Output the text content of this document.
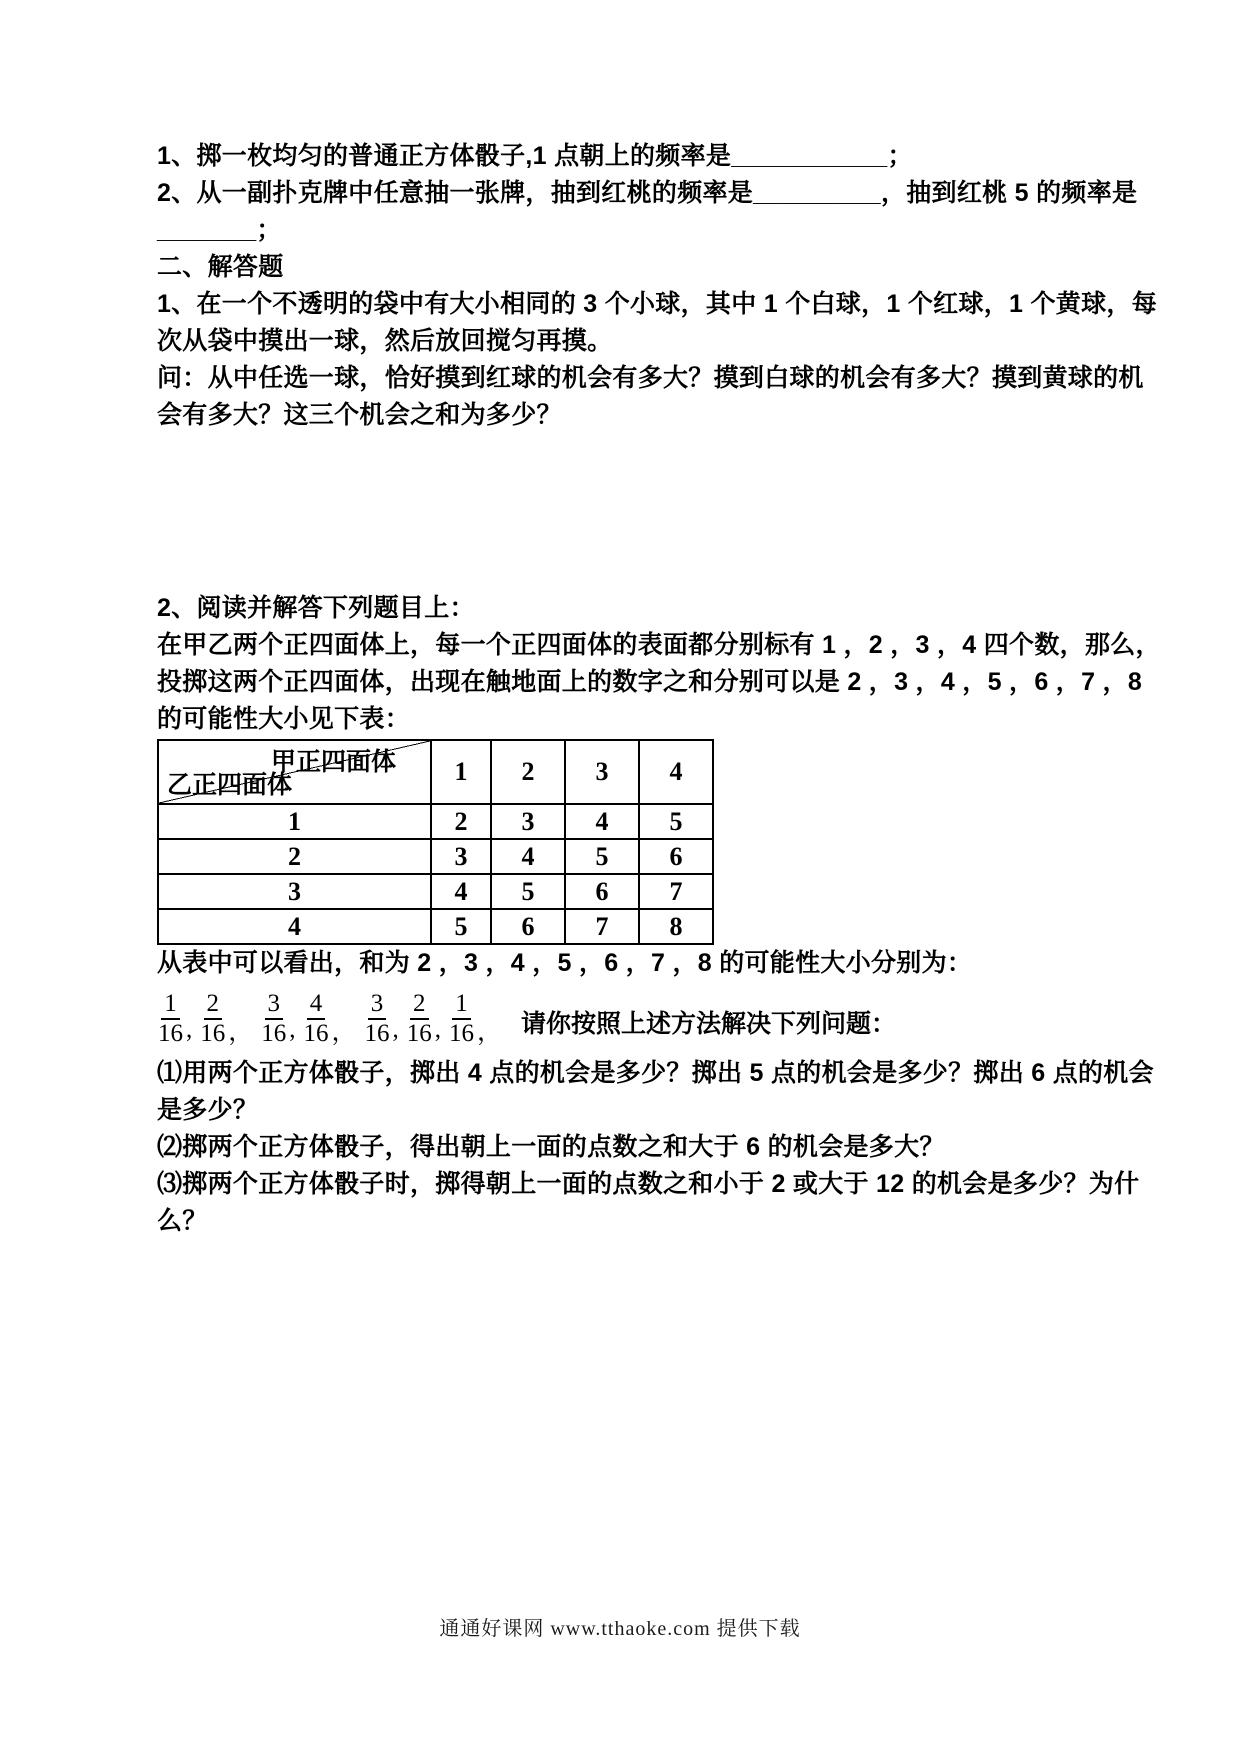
1、掷一枚均匀的普通正方体骰子,1 点朝上的频率是___________；
2、从一副扑克牌中任意抽一张牌，抽到红桃的频率是_________，抽到红桃 5 的频率是
_______；
二、解答题
1、在一个不透明的袋中有大小相同的 3 个小球，其中 1 个白球，1 个红球，1 个黄球，每
次从袋中摸出一球，然后放回搅匀再摸。
问：从中任选一球，恰好摸到红球的机会有多大？摸到白球的机会有多大？摸到黄球的机
会有多大？这三个机会之和为多少？
2、阅读并解答下列题目上：
在甲乙两个正四面体上，每一个正四面体的表面都分别标有 1 ，2 ，3 ，4 四个数，那么，
投掷这两个正四面体，出现在触地面上的数字之和分别可以是 2 ，3 ，4 ，5 ，6 ，7 ，8
的可能性大小见下表：
甲正四面体
乙正四面体	1	2	3	4
1	2	3	4	5
2	3	4	5	6
3	4	5	6	7
4	5	6	7	8
从表中可以看出，和为 2 ，3 ，4 ，5 ，6 ，7 ，8 的可能性大小分别为：
$\frac{1}{16}$ , $\frac{2}{16}$ ， $\frac{3}{16}$ , $\frac{4}{16}$ ， $\frac{3}{16}$ , $\frac{2}{16}$ , $\frac{1}{16}$ ， 请你按照上述方法解决下列问题：
⑴用两个正方体骰子，掷出 4 点的机会是多少？掷出 5 点的机会是多少？掷出 6 点的机会
是多少？
⑵掷两个正方体骰子，得出朝上一面的点数之和大于 6 的机会是多大？
⑶掷两个正方体骰子时，掷得朝上一面的点数之和小于 2 或大于 12 的机会是多少？为什
么？
通通好课网 www.tthaoke.com 提供下载
